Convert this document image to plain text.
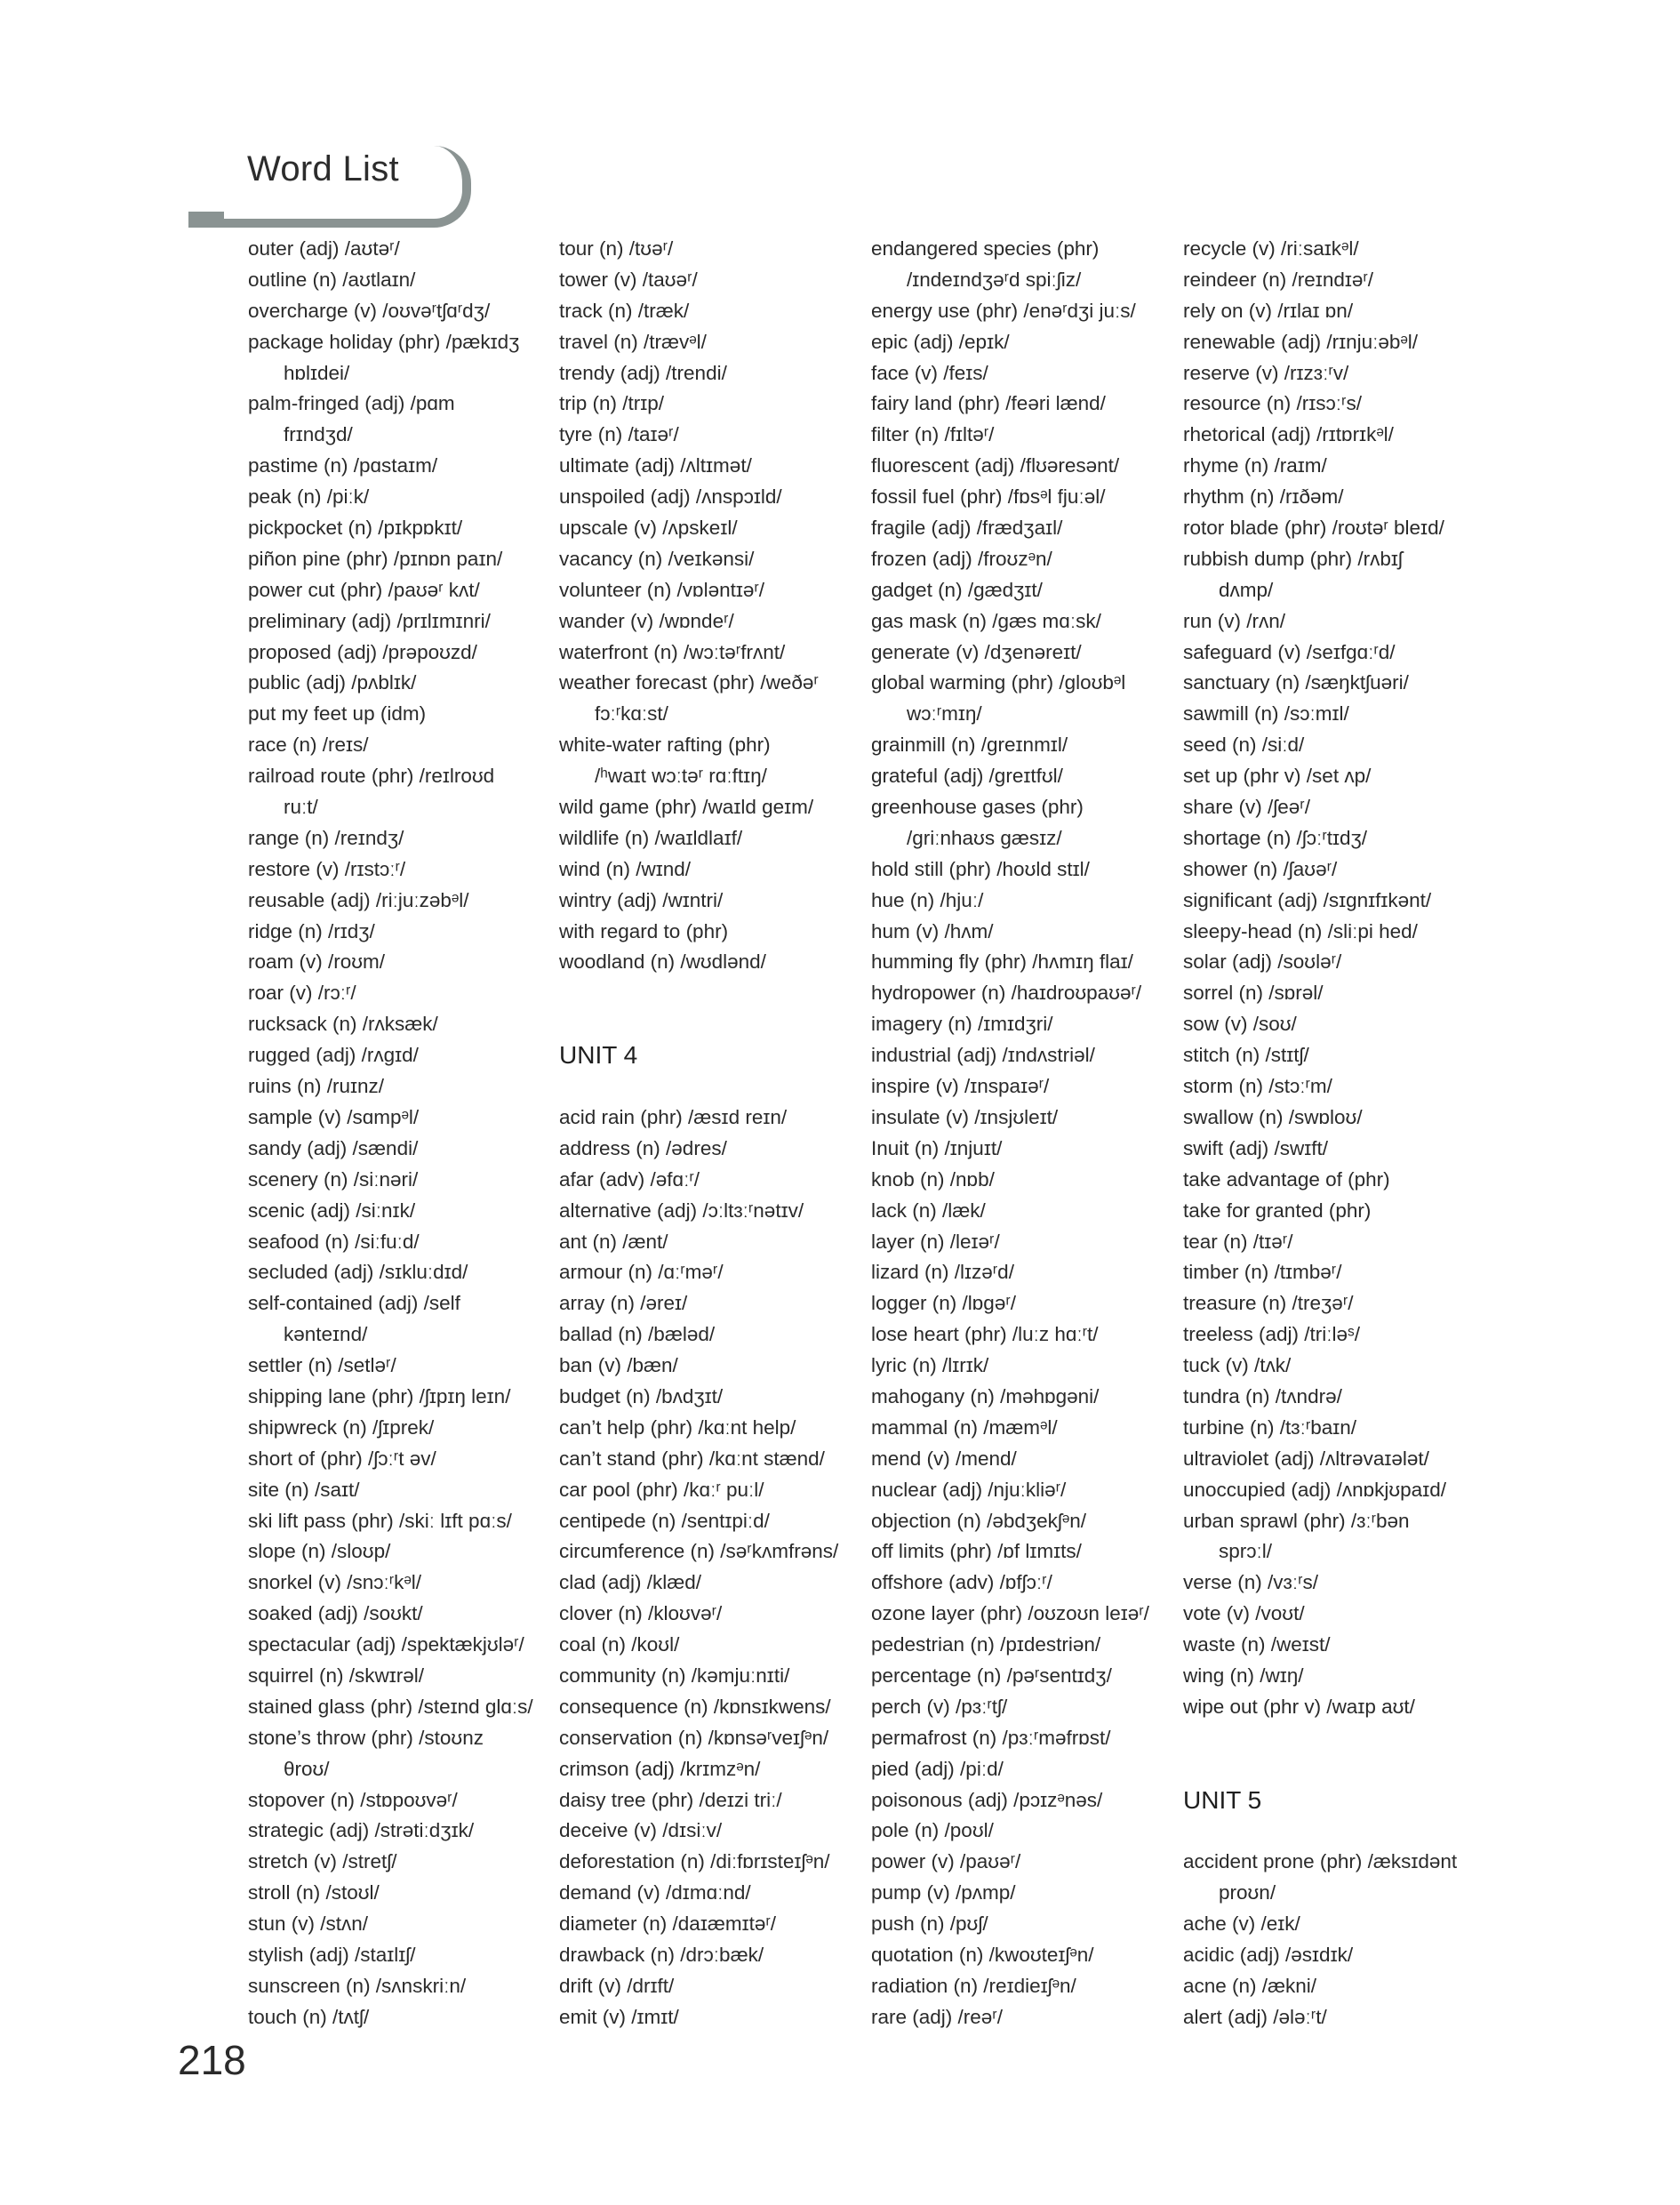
Word List
outer (adj) /aʊtəʳ/
outline (n) /aʊtlaɪn/
overcharge (v) /oʊvəʳtʃɑʳdʒ/
package holiday (phr) /pækɪdʒ
hɒlɪdei/
palm-fringed (adj) /pɑm
frɪndʒd/
pastime (n) /pɑstaɪm/
peak (n) /piːk/
pickpocket (n) /pɪkpɒkɪt/
piñon pine (phr) /pɪnɒn paɪn/
power cut (phr) /paʊəʳ kʌt/
preliminary (adj) /prɪlɪmɪnri/
proposed (adj) /prəpoʊzd/
public (adj) /pʌblɪk/
put my feet up (idm)
race (n) /reɪs/
railroad route (phr) /reɪlroʊd
ruːt/
range (n) /reɪndʒ/
restore (v) /rɪstɔːʳ/
reusable (adj) /riːjuːzəbᵊl/
ridge (n) /rɪdʒ/
roam (v) /roʊm/
roar (v) /rɔːʳ/
rucksack (n) /rʌksæk/
rugged (adj) /rʌgɪd/
ruins (n) /ruɪnz/
sample (v) /sɑmpᵊl/
sandy (adj) /sændi/
scenery (n) /siːnəri/
scenic (adj) /siːnɪk/
seafood (n) /siːfuːd/
secluded (adj) /sɪkluːdɪd/
self-contained (adj) /self
kənteɪnd/
settler (n) /setləʳ/
shipping lane (phr) /ʃɪpɪŋ leɪn/
shipwreck (n) /ʃɪprek/
short of (phr) /ʃɔːʳt əv/
site (n) /saɪt/
ski lift pass (phr) /skiː lɪft pɑːs/
slope (n) /sloʊp/
snorkel (v) /snɔːʳkᵊl/
soaked (adj) /soʊkt/
spectacular (adj) /spektækjʊləʳ/
squirrel (n) /skwɪrəl/
stained glass (phr) /steɪnd glɑːs/
stone’s throw (phr) /stoʊnz
θroʊ/
stopover (n) /stɒpoʊvəʳ/
strategic (adj) /strətiːdʒɪk/
stretch (v) /stretʃ/
stroll (n) /stoʊl/
stun (v) /stʌn/
stylish (adj) /staɪlɪʃ/
sunscreen (n) /sʌnskriːn/
touch (n) /tʌtʃ/
tour (n) /tʊəʳ/
tower (v) /taʊəʳ/
track (n) /træk/
travel (n) /trævᵊl/
trendy (adj) /trendi/
trip (n) /trɪp/
tyre (n) /taɪəʳ/
ultimate (adj) /ʌltɪmət/
unspoiled (adj) /ʌnspɔɪld/
upscale (v) /ʌpskeɪl/
vacancy (n) /veɪkənsi/
volunteer (n) /vɒləntɪəʳ/
wander (v) /wɒndeʳ/
waterfront (n) /wɔːtəʳfrʌnt/
weather forecast (phr) /weðəʳ
fɔːʳkɑːst/
white-water rafting (phr)
/ʰwaɪt wɔːtəʳ rɑːftɪŋ/
wild game (phr) /waɪld geɪm/
wildlife (n) /waɪldlaɪf/
wind (n) /wɪnd/
wintry (adj) /wɪntri/
with regard to (phr)
woodland (n) /wʊdlənd/
UNIT 4
acid rain (phr) /æsɪd reɪn/
address (n) /ədres/
afar (adv) /əfɑːʳ/
alternative (adj) /ɔːltɜːʳnətɪv/
ant (n) /ænt/
armour (n) /ɑːʳməʳ/
array (n) /əreɪ/
ballad (n) /bæləd/
ban (v) /bæn/
budget (n) /bʌdʒɪt/
can’t help (phr) /kɑːnt help/
can’t stand (phr) /kɑːnt stænd/
car pool (phr) /kɑːʳ puːl/
centipede (n) /sentɪpiːd/
circumference (n) /səʳkʌmfrəns/
clad (adj) /klæd/
clover (n) /kloʊvəʳ/
coal (n) /koʊl/
community (n) /kəmjuːnɪti/
consequence (n) /kɒnsɪkwens/
conservation (n) /kɒnsəʳveɪʃᵊn/
crimson (adj) /krɪmzᵊn/
daisy tree (phr) /deɪzi triː/
deceive (v) /dɪsiːv/
deforestation (n) /diːfɒrɪsteɪʃᵊn/
demand (v) /dɪmɑːnd/
diameter (n) /daɪæmɪtəʳ/
drawback (n) /drɔːbæk/
drift (v) /drɪft/
emit (v) /ɪmɪt/
endangered species (phr)
/ɪndeɪndʒəʳd spiːʃiz/
energy use (phr) /enəʳdʒi juːs/
epic (adj) /epɪk/
face (v) /feɪs/
fairy land (phr) /feəri lænd/
filter (n) /fɪltəʳ/
fluorescent (adj) /flʊəresənt/
fossil fuel (phr) /fɒsᵊl fjuːəl/
fragile (adj) /frædʒaɪl/
frozen (adj) /froʊzᵊn/
gadget (n) /gædʒɪt/
gas mask (n) /gæs mɑːsk/
generate (v) /dʒenəreɪt/
global warming (phr) /gloʊbᵊl
wɔːʳmɪŋ/
grainmill (n) /greɪnmɪl/
grateful (adj) /greɪtfʊl/
greenhouse gases (phr)
/griːnhaʊs gæsɪz/
hold still (phr) /hoʊld stɪl/
hue (n) /hjuː/
hum (v) /hʌm/
humming fly (phr) /hʌmɪŋ flaɪ/
hydropower (n) /haɪdroʊpaʊəʳ/
imagery (n) /ɪmɪdʒri/
industrial (adj) /ɪndʌstriəl/
inspire (v) /ɪnspaɪəʳ/
insulate (v) /ɪnsjʊleɪt/
Inuit (n) /ɪnjuɪt/
knob (n) /nɒb/
lack (n) /læk/
layer (n) /leɪəʳ/
lizard (n) /lɪzəʳd/
logger (n) /lɒgəʳ/
lose heart (phr) /luːz hɑːʳt/
lyric (n) /lɪrɪk/
mahogany (n) /məhɒgəni/
mammal (n) /mæmᵊl/
mend (v) /mend/
nuclear (adj) /njuːkliəʳ/
objection (n) /əbdʒekʃᵊn/
off limits (phr) /ɒf lɪmɪts/
offshore (adv) /ɒfʃɔːʳ/
ozone layer (phr) /oʊzoʊn leɪəʳ/
pedestrian (n) /pɪdestriən/
percentage (n) /pəʳsentɪdʒ/
perch (v) /pɜːʳtʃ/
permafrost (n) /pɜːʳməfrɒst/
pied (adj) /piːd/
poisonous (adj) /pɔɪzᵊnəs/
pole (n) /poʊl/
power (v) /paʊəʳ/
pump (v) /pʌmp/
push (n) /pʊʃ/
quotation (n) /kwoʊteɪʃᵊn/
radiation (n) /reɪdieɪʃᵊn/
rare (adj) /reəʳ/
recycle (v) /riːsaɪkᵊl/
reindeer (n) /reɪndɪəʳ/
rely on (v) /rɪlaɪ ɒn/
renewable (adj) /rɪnjuːəbᵊl/
reserve (v) /rɪzɜːʳv/
resource (n) /rɪsɔːʳs/
rhetorical (adj) /rɪtɒrɪkᵊl/
rhyme (n) /raɪm/
rhythm (n) /rɪðəm/
rotor blade (phr) /roʊtəʳ bleɪd/
rubbish dump (phr) /rʌbɪʃ
dʌmp/
run (v) /rʌn/
safeguard (v) /seɪfgɑːʳd/
sanctuary (n) /sæŋktʃuəri/
sawmill (n) /sɔːmɪl/
seed (n) /siːd/
set up (phr v) /set ʌp/
share (v) /ʃeəʳ/
shortage (n) /ʃɔːʳtɪdʒ/
shower (n) /ʃaʊəʳ/
significant (adj) /sɪgnɪfɪkənt/
sleepy-head (n) /sliːpi hed/
solar (adj) /soʊləʳ/
sorrel (n) /sɒrəl/
sow (v) /soʊ/
stitch (n) /stɪtʃ/
storm (n) /stɔːʳm/
swallow (n) /swɒloʊ/
swift (adj) /swɪft/
take advantage of (phr)
take for granted (phr)
tear (n) /tɪəʳ/
timber (n) /tɪmbəʳ/
treasure (n) /treʒəʳ/
treeless (adj) /triːləˢ/
tuck (v) /tʌk/
tundra (n) /tʌndrə/
turbine (n) /tɜːʳbaɪn/
ultraviolet (adj) /ʌltrəvaɪələt/
unoccupied (adj) /ʌnɒkjʊpaɪd/
urban sprawl (phr) /ɜːʳbən
sprɔːl/
verse (n) /vɜːʳs/
vote (v) /voʊt/
waste (n) /weɪst/
wing (n) /wɪŋ/
wipe out (phr v) /waɪp aʊt/
UNIT 5
accident prone (phr) /æksɪdənt
proʊn/
ache (v) /eɪk/
acidic (adj) /əsɪdɪk/
acne (n) /ækni/
alert (adj) /ələːʳt/
218
